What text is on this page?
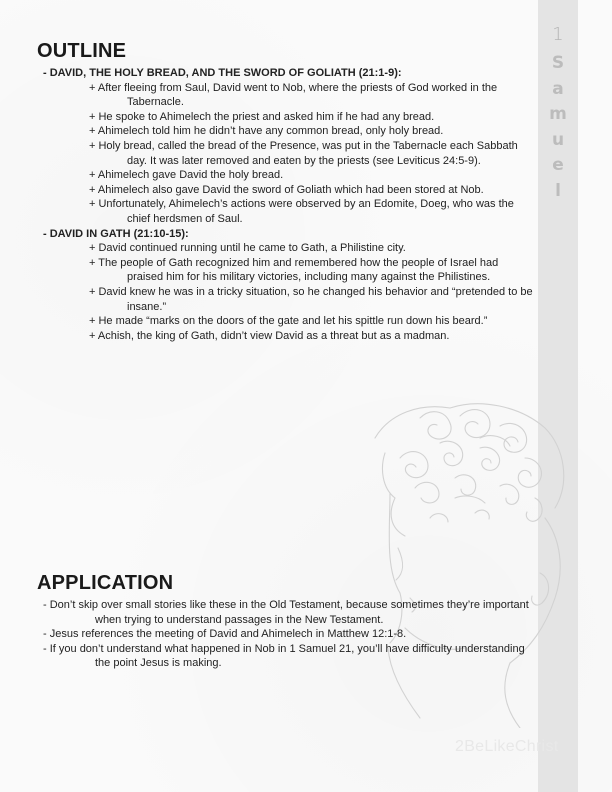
1
S
a
m
u
e
l
OUTLINE
- DAVID, THE HOLY BREAD, AND THE SWORD OF GOLIATH (21:1-9):
+ After fleeing from Saul, David went to Nob, where the priests of God worked in the Tabernacle.
+ He spoke to Ahimelech the priest and asked him if he had any bread.
+ Ahimelech told him he didn’t have any common bread, only holy bread.
+ Holy bread, called the bread of the Presence, was put in the Tabernacle each Sabbath day. It was later removed and eaten by the priests (see Leviticus 24:5-9).
+ Ahimelech gave David the holy bread.
+ Ahimelech also gave David the sword of Goliath which had been stored at Nob.
+ Unfortunately, Ahimelech’s actions were observed by an Edomite, Doeg, who was the chief herdsmen of Saul.
- DAVID IN GATH (21:10-15):
+ David continued running until he came to Gath, a Philistine city.
+ The people of Gath recognized him and remembered how the people of Israel had praised him for his military victories, including many against the Philistines.
+ David knew he was in a tricky situation, so he changed his behavior and “pretended to be insane.”
+ He made “marks on the doors of the gate and let his spittle run down his beard.”
+ Achish, the king of Gath, didn’t view David as a threat but as a madman.
APPLICATION
- Don’t skip over small stories like these in the Old Testament, because sometimes they’re important when trying to understand passages in the New Testament.
- Jesus references the meeting of David and Ahimelech in Matthew 12:1-8.
- If you don’t understand what happened in Nob in 1 Samuel 21, you’ll have difficulty understanding the point Jesus is making.
2BeLikeChrist
